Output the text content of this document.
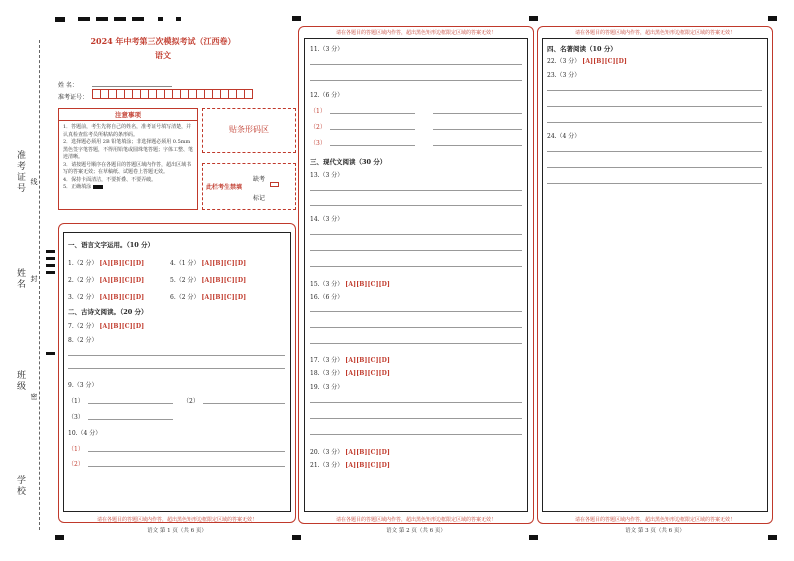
准考证号 线
姓名 封
班级
密
学校
2024 年中考第三次模拟考试（江西卷）
语文
姓 名：
准考证号：
注意事项
1．答题前，考生先将自己的姓名，准考证号填写清楚，并认真检查监考员所粘贴的条形码。
2．选择题必须用 2B 铅笔填涂；非选择题必须用 0.5mm 黑色签字笔答题，不得用铅笔或圆珠笔答题；字体工整、笔迹清晰。
3．请按题号顺序在各题目的答题区域内作答，超出区域书写的答案无效；在草稿纸、试题卷上答题无效。
4．保持卡面清洁，不要折叠、不要弄破。
5．正确填涂
贴条形码区
此栏考生禁填
缺考
标记
一、语言文字运用。（10 分）
1.（2 分） [A][B][C][D]	4.（1 分） [A][B][C][D]
2.（2 分） [A][B][C][D]	5.（2 分） [A][B][C][D]
3.（2 分） [A][B][C][D]	6.（2 分） [A][B][C][D]
二、古诗文阅读。（20 分）
7.（2 分） [A][B][C][D]
8.（2 分）
9.（3 分）
（1）	（2）
（3）
10.（4 分）
（1）
（2）
请在各题目的答题区域内作答，超出黑色矩形边框限定区域的答案无效！
语文 第 1 页（共 6 页）
请在各题目的答题区域内作答，超出黑色矩形边框限定区域的答案无效！
11.（3 分）
12.（6 分）
（1）
（2）
（3）
三、现代文阅读（30 分）
13.（3 分）
14.（3 分）
15.（3 分） [A][B][C][D]
16.（6 分）
17.（3 分） [A][B][C][D]
18.（3 分） [A][B][C][D]
19.（3 分）
20.（3 分） [A][B][C][D]
21.（3 分） [A][B][C][D]
请在各题目的答题区域内作答，超出黑色矩形边框限定区域的答案无效！
语文 第 2 页（共 6 页）
请在各题目的答题区域内作答，超出黑色矩形边框限定区域的答案无效！
四、名著阅读（10 分）
22.（3 分） [A][B][C][D]
23.（3 分）
24.（4 分）
请在各题目的答题区域内作答，超出黑色矩形边框限定区域的答案无效！
语文 第 3 页（共 6 页）
